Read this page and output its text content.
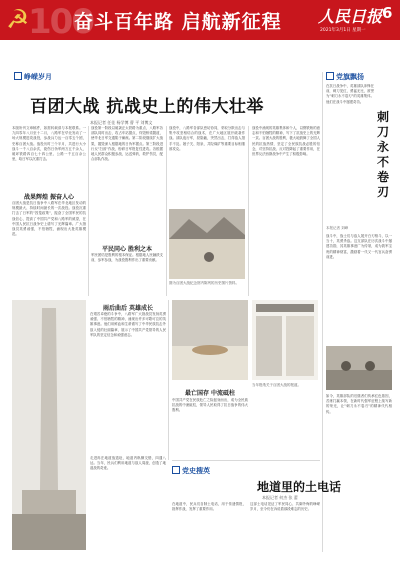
☭
100
奋斗百年路 启航新征程 人民日报 6
2021年3月1日 星期一
峥嵘岁月
百团大战 抗战史上的伟大壮举
本报记者 任佳 杨学博 曹 平 刘博文
本版所刊文章稿件，如需转载请与本报联系。一九四零年八月至十二月，八路军在华北发动了一场大规模进攻战役，参战兵力达一百零五个团，史称百团大战。战役历时三个半月，共进行大小战斗一千八百余次，毙伤日伪军两万五千余人，破坏铁路四百七十四公里、公路一千五百余公里，给日军以沉重打击。
战果辉煌 振奋人心
百团大战是抗日战争中八路军在华北地区发动的规模最大、持续时间最长的一次战役。战役沉重打击了日军的"囚笼政策"，振奋了全国军民的抗战信心，提高了中国共产党和八路军的威望，在中国人民抗日战争史上谱写了光辉篇章。广大指战员英勇顽强，不怕牺牲，涌现出大批英雄模范。
战役第一阶段以破袭正太铁路为重点，八路军各部队同时出击，攻占车站据点，炸毁桥梁隧道，使华北日军交通陷于瘫痪。第二阶段继续扩大战果，摧毁深入根据地的日伪军据点。第三阶段进行反"扫荡"作战，粉碎日军报复性进攻。各根据地人民群众积极参战，运送弹药，救护伤员，配合部队作战。
平民同心 胜利之本
军民团结是胜利的根本保证。根据地人民踊跃支前，参军参战，为战役胜利作出了重要贡献。
战役中，八路军各部队密切协同，采取分散出击与集中攻坚相结合的战术，在广大地区展开破袭作战。部队夜行军，昼隐蔽，突然出击，打得敌人措手不及。娘子关、阳泉、井陉煤矿等重要目标相继被攻克。
图为百团大战纪念馆内陈列的历史图片资料。
雨后曲后 英雄成长
在艰苦卓绝的斗争中，八路军广大指战员发扬英勇顽强、不怕牺牲的精神，涌现出许多可歌可泣的英雄事迹。他们用鲜血和生命谱写了中华民族抗击外敌入侵的壮丽篇章，展示了中国共产党领导的人民军队的坚定信念和顽强意志。
最亡国存 中流砥柱
中国共产党在民族危亡之际挺身而出，成为全民族抗战的中流砥柱，领导人民取得了抗日战争的伟大胜利。
当年报纸关于百团大战的报道。
战役中涌现的英雄集体和个人，以钢铁般的意志和不怕牺牲的精神，写下了抗战史上的光辉一页。百团大战的胜利，极大地鼓舞了全国人民的抗战热情，坚定了全民族抗战必胜的信念，对坚持抗战、反对投降起了重要作用，在世界反法西斯战争中产生了积极影响。
党旗飘扬
刺刀永不卷刃
本报记者 刘峰
在抗日战争中，英雄部队冲锋在前，刺刀见红，勇猛无比，被誉为"刺刀永不卷刃"的英雄集体。他们在战斗中屡建奇功。
战斗中，战士们与敌人展开白刃格斗，以一当十，英勇杀敌。这支部队在历次战斗中屡建功勋，其英雄事迹广为传颂，成为我军宝贵的精神财富，激励着一代又一代官兵奋勇前进。
如今，英雄部队的后继者们传承红色基因，苦练打赢本领，在新时代强军征程上续写新的荣光，让"刺刀永不卷刃"的精神代代相传。
党史搜英
地道里的土电话
本报记者 何杰 张 蕾
走进冉庄地道战遗址，地道内纵横交错，四通八达。当年，民兵们利用地道与敌人周旋，创造了地道战的奇迹。
在地道中，民兵们自制土电话，用于传递情报，指挥作战，发挥了重要作用。
这部土电话见证了军民同心、共御外侮的峥嵘岁月，至今仍在诉说着那段难忘的历史。
